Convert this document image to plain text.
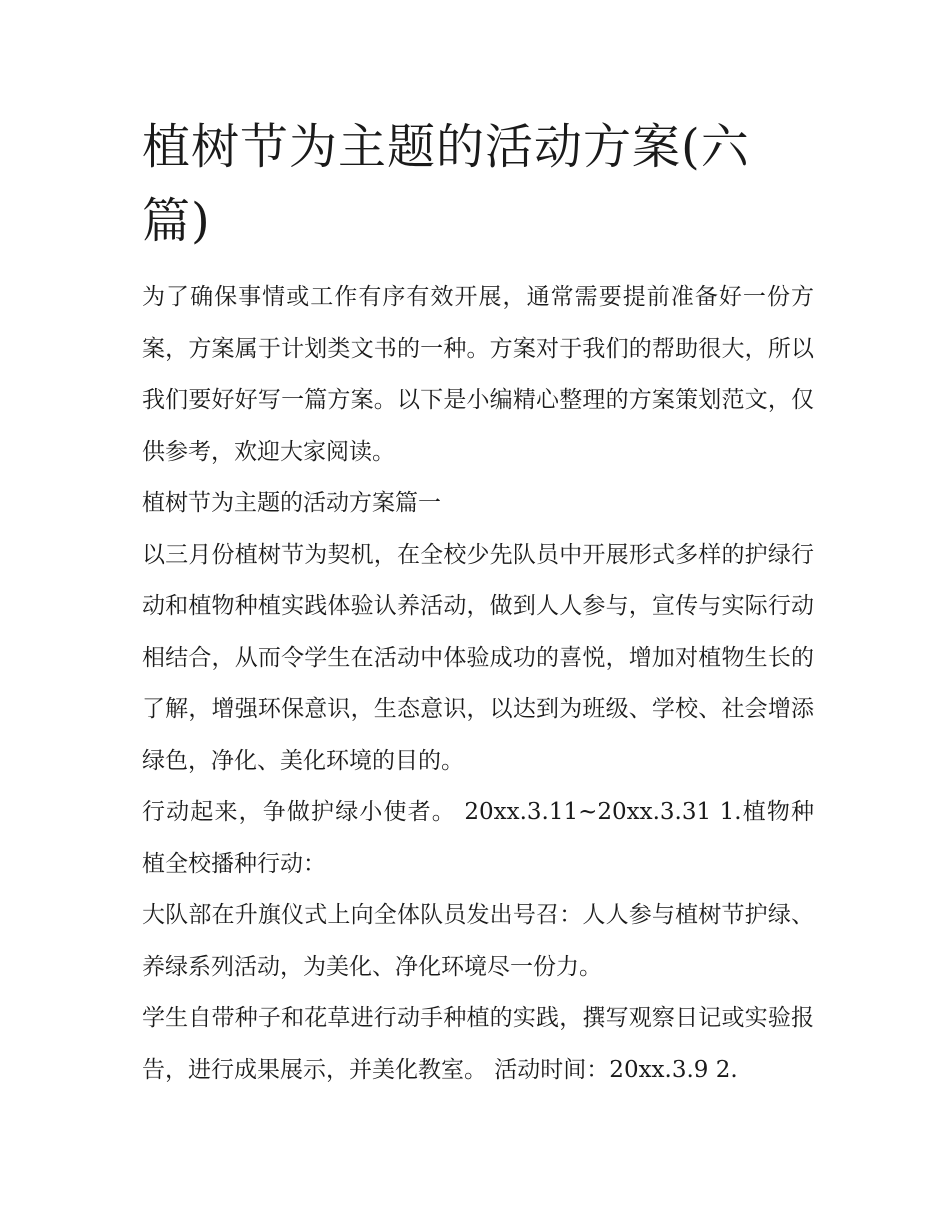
植树节为主题的活动方案(六篇)

为了确保事情或工作有序有效开展，通常需要提前准备好一份方案，方案属于计划类文书的一种。方案对于我们的帮助很大，所以我们要好好写一篇方案。以下是小编精心整理的方案策划范文，仅供参考，欢迎大家阅读。

植树节为主题的活动方案篇一

以三月份植树节为契机，在全校少先队员中开展形式多样的护绿行动和植物种植实践体验认养活动，做到人人参与，宣传与实际行动相结合，从而令学生在活动中体验成功的喜悦，增加对植物生长的了解，增强环保意识，生态意识，以达到为班级、学校、社会增添绿色，净化、美化环境的目的。

行动起来，争做护绿小使者。 20xx.3.11~20xx.3.31 1.植物种植全校播种行动：

大队部在升旗仪式上向全体队员发出号召：人人参与植树节护绿、养绿系列活动，为美化、净化环境尽一份力。

学生自带种子和花草进行动手种植的实践，撰写观察日记或实验报告，进行成果展示，并美化教室。 活动时间：20xx.3.9 2.
